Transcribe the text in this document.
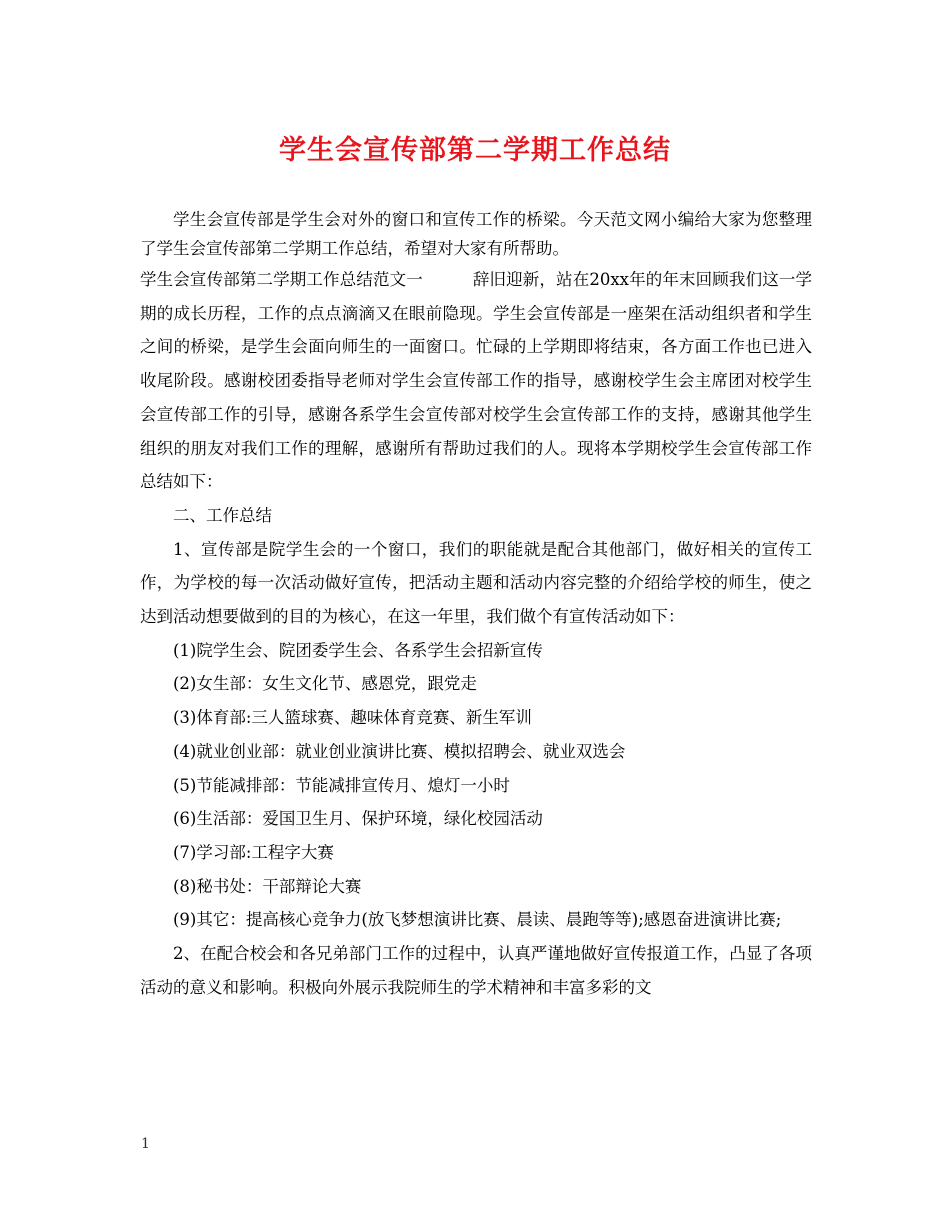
学生会宣传部第二学期工作总结

学生会宣传部是学生会对外的窗口和宣传工作的桥梁。今天范文网小编给大家为您整理了学生会宣传部第二学期工作总结，希望对大家有所帮助。

学生会宣传部第二学期工作总结范文一　　　辞旧迎新，站在20xx年的年末回顾我们这一学期的成长历程，工作的点点滴滴又在眼前隐现。学生会宣传部是一座架在活动组织者和学生之间的桥梁，是学生会面向师生的一面窗口。忙碌的上学期即将结束，各方面工作也已进入收尾阶段。感谢校团委指导老师对学生会宣传部工作的指导，感谢校学生会主席团对校学生会宣传部工作的引导，感谢各系学生会宣传部对校学生会宣传部工作的支持，感谢其他学生组织的朋友对我们工作的理解，感谢所有帮助过我们的人。现将本学期校学生会宣传部工作总结如下：

二、工作总结

1、宣传部是院学生会的一个窗口，我们的职能就是配合其他部门，做好相关的宣传工作，为学校的每一次活动做好宣传，把活动主题和活动内容完整的介绍给学校的师生，使之达到活动想要做到的目的为核心，在这一年里，我们做个有宣传活动如下：

(1)院学生会、院团委学生会、各系学生会招新宣传

(2)女生部：女生文化节、感恩党，跟党走

(3)体育部:三人篮球赛、趣味体育竞赛、新生军训

(4)就业创业部：就业创业演讲比赛、模拟招聘会、就业双选会

(5)节能减排部：节能减排宣传月、熄灯一小时

(6)生活部：爱国卫生月、保护环境，绿化校园活动

(7)学习部:工程字大赛

(8)秘书处：干部辩论大赛

(9)其它：提高核心竞争力(放飞梦想演讲比赛、晨读、晨跑等等);感恩奋进演讲比赛;

2、在配合校会和各兄弟部门工作的过程中，认真严谨地做好宣传报道工作，凸显了各项活动的意义和影响。积极向外展示我院师生的学术精神和丰富多彩的文

1
